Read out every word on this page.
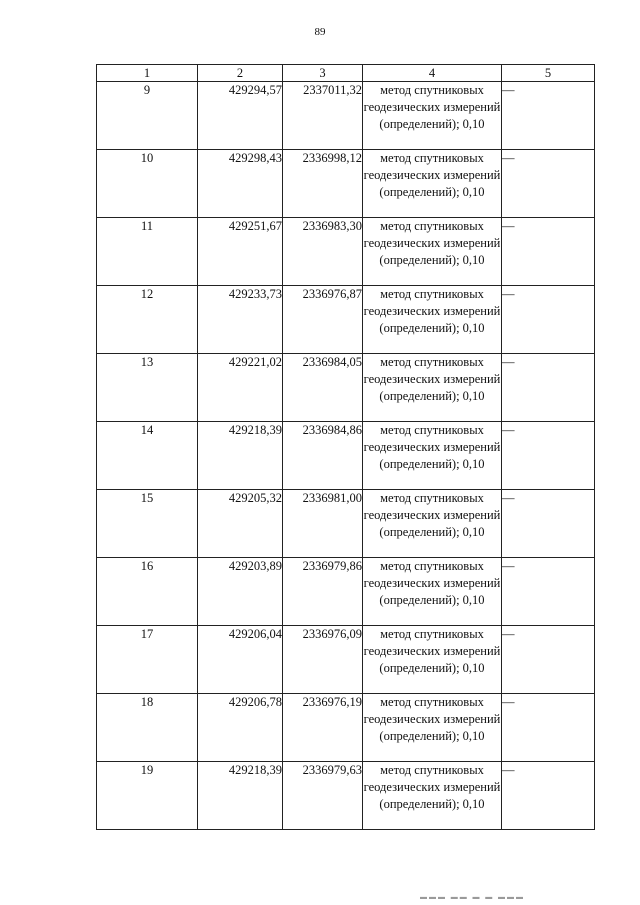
89
1	2	3	4	5
9	429294,57	2337011,32	метод спутниковых геодезических измерений (определений); 0,10	—
10	429298,43	2336998,12	метод спутниковых геодезических измерений (определений); 0,10	—
11	429251,67	2336983,30	метод спутниковых геодезических измерений (определений); 0,10	—
12	429233,73	2336976,87	метод спутниковых геодезических измерений (определений); 0,10	—
13	429221,02	2336984,05	метод спутниковых геодезических измерений (определений); 0,10	—
14	429218,39	2336984,86	метод спутниковых геодезических измерений (определений); 0,10	—
15	429205,32	2336981,00	метод спутниковых геодезических измерений (определений); 0,10	—
16	429203,89	2336979,86	метод спутниковых геодезических измерений (определений); 0,10	—
17	429206,04	2336976,09	метод спутниковых геодезических измерений (определений); 0,10	—
18	429206,78	2336976,19	метод спутниковых геодезических измерений (определений); 0,10	—
19	429218,39	2336979,63	метод спутниковых геодезических измерений (определений); 0,10	—
▬▬▬ ▬▬ ▬ ▬ ▬▬▬
